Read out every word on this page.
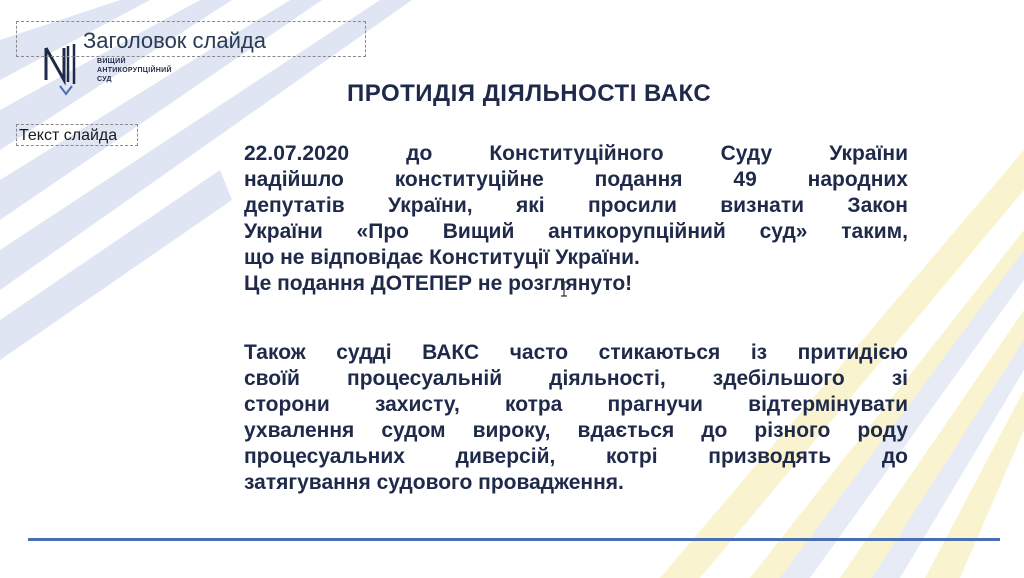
ВИЩИЙ
АНТИКОРУПЦІЙНИЙ
СУД
Заголовок слайда
Текст слайда
ПРОТИДІЯ ДІЯЛЬНОСТІ ВАКС
22.07.2020 до Конституційного Суду України
надійшло конституційне подання 49 народних
депутатів України, які просили визнати Закон
України «Про Вищий антикорупційний суд» таким,
що не відповідає Конституції України.
Це подання ДОТЕПЕР не розглянуто!
Також судді ВАКС часто стикаються із притидією
своїй процесуальній діяльності, здебільшого зі
сторони захисту, котра прагнучи відтермінувати
ухвалення судом вироку, вдається до різного роду
процесуальних диверсій, котрі призводять до
затягування судового провадження.
